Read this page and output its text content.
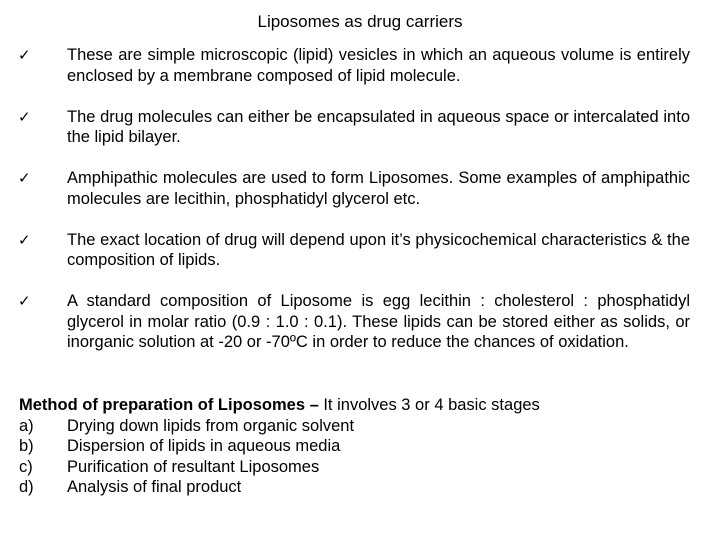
Liposomes as drug carriers
✓	These are simple microscopic (lipid) vesicles in which an aqueous volume is entirely enclosed by a membrane composed of lipid molecule.
✓	The drug molecules can either be encapsulated in aqueous space or intercalated into the lipid bilayer.
✓	Amphipathic molecules are used to form Liposomes. Some examples of amphipathic molecules are lecithin, phosphatidyl glycerol etc.
✓	The exact location of drug will depend upon it’s physicochemical characteristics & the composition of lipids.
✓	A standard composition of Liposome is egg lecithin : cholesterol : phosphatidyl glycerol in molar ratio (0.9 : 1.0 : 0.1). These lipids can be stored either as solids, or inorganic solution at -20 or -70ºC in order to reduce the chances of oxidation.
Method of preparation of Liposomes – It involves 3 or 4 basic stages
a)	Drying down lipids from organic solvent
b)	Dispersion of lipids in aqueous media
c)	Purification of resultant Liposomes
d)	Analysis of final product
